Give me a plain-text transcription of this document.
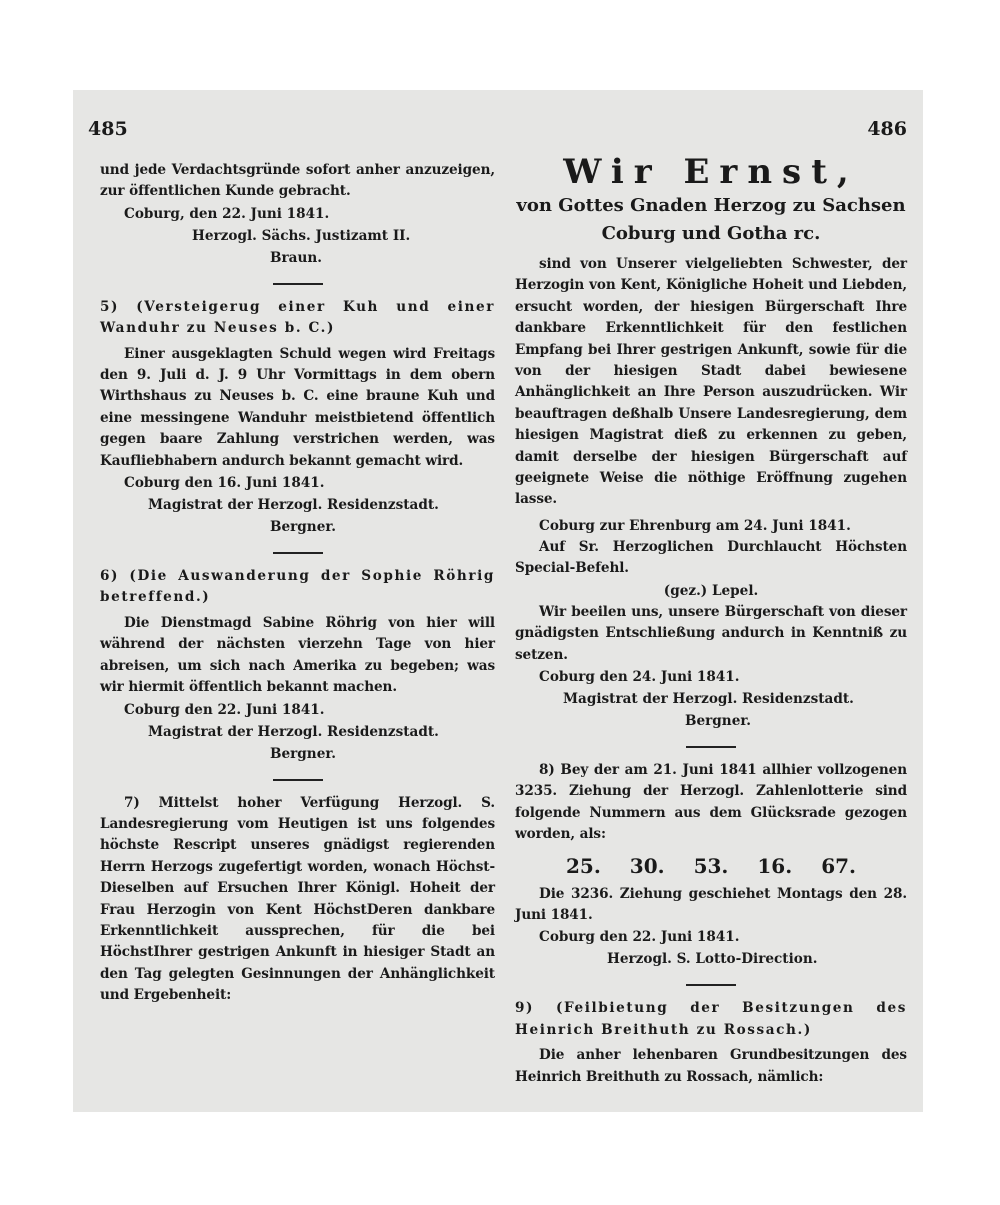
485

und jede Verdachtsgründe sofort anher anzuzeigen, zur öffentlichen Kunde gebracht.

Coburg, den 22. Juni 1841.

Herzogl. Sächs. Justizamt II.

Braun.

5) (Versteigerug einer Kuh und einer Wanduhr zu Neuses b. C.)

Einer ausgeklagten Schuld wegen wird Freitags den 9. Juli d. J. 9 Uhr Vormittags in dem obern Wirthshaus zu Neuses b. C. eine braune Kuh und eine messingene Wanduhr meistbietend öffentlich gegen baare Zahlung verstrichen werden, was Kaufliebhabern andurch bekannt gemacht wird.

Coburg den 16. Juni 1841.

Magistrat der Herzogl. Residenzstadt.

Bergner.

6) (Die Auswanderung der Sophie Röhrig betreffend.)

Die Dienstmagd Sabine Röhrig von hier will während der nächsten vierzehn Tage von hier abreisen, um sich nach Amerika zu begeben; was wir hiermit öffentlich bekannt machen.

Coburg den 22. Juni 1841.

Magistrat der Herzogl. Residenzstadt.

Bergner.

7) Mittelst hoher Verfügung Herzogl. S. Landesregierung vom Heutigen ist uns folgendes höchste Rescript unseres gnädigst regierenden Herrn Herzogs zugefertigt worden, wonach Höchst-Dieselben auf Ersuchen Ihrer Königl. Hoheit der Frau Herzogin von Kent HöchstDeren dankbare Erkenntlichkeit aussprechen, für die bei HöchstIhrer gestrigen Ankunft in hiesiger Stadt an den Tag gelegten Gesinnungen der Anhänglichkeit und Ergebenheit:

486

Wir Ernst,

von Gottes Gnaden Herzog zu Sachsen

Coburg und Gotha rc.

sind von Unserer vielgeliebten Schwester, der Herzogin von Kent, Königliche Hoheit und Liebden, ersucht worden, der hiesigen Bürgerschaft Ihre dankbare Erkenntlichkeit für den festlichen Empfang bei Ihrer gestrigen Ankunft, sowie für die von der hiesigen Stadt dabei bewiesene Anhänglichkeit an Ihre Person auszudrücken. Wir beauftragen deßhalb Unsere Landesregierung, dem hiesigen Magistrat dieß zu erkennen zu geben, damit derselbe der hiesigen Bürgerschaft auf geeignete Weise die nöthige Eröffnung zugehen lasse.

Coburg zur Ehrenburg am 24. Juni 1841.

Auf Sr. Herzoglichen Durchlaucht Höchsten Special-Befehl.

(gez.) Lepel.

Wir beeilen uns, unsere Bürgerschaft von dieser gnädigsten Entschließung andurch in Kenntniß zu setzen.

Coburg den 24. Juni 1841.

Magistrat der Herzogl. Residenzstadt.

Bergner.

8) Bey der am 21. Juni 1841 allhier vollzogenen 3235. Ziehung der Herzogl. Zahlenlotterie sind folgende Nummern aus dem Glücksrade gezogen worden, als:

25. 30. 53. 16. 67.

Die 3236. Ziehung geschiehet Montags den 28. Juni 1841.

Coburg den 22. Juni 1841.

Herzogl. S. Lotto-Direction.

9) (Feilbietung der Besitzungen des Heinrich Breithuth zu Rossach.)

Die anher lehenbaren Grundbesitzungen des Heinrich Breithuth zu Rossach, nämlich:
